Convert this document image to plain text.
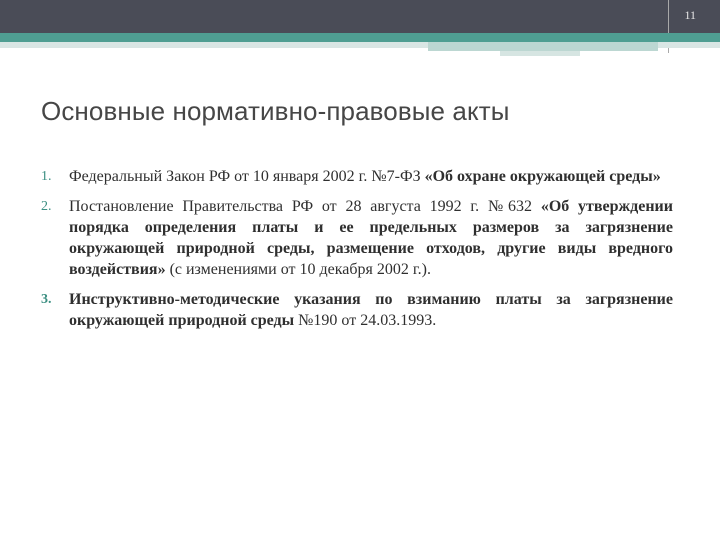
11
Основные нормативно-правовые акты
1. Федеральный Закон РФ от 10 января 2002 г. №7-ФЗ «Об охране окружающей среды»
2. Постановление Правительства РФ от 28 августа 1992 г. №632 «Об утверждении порядка определения платы и ее предельных размеров за загрязнение окружающей природной среды, размещение отходов, другие виды вредного воздействия» (с изменениями от 10 декабря 2002 г.).
3. Инструктивно-методические указания по взиманию платы за загрязнение окружающей природной среды №190 от 24.03.1993.
